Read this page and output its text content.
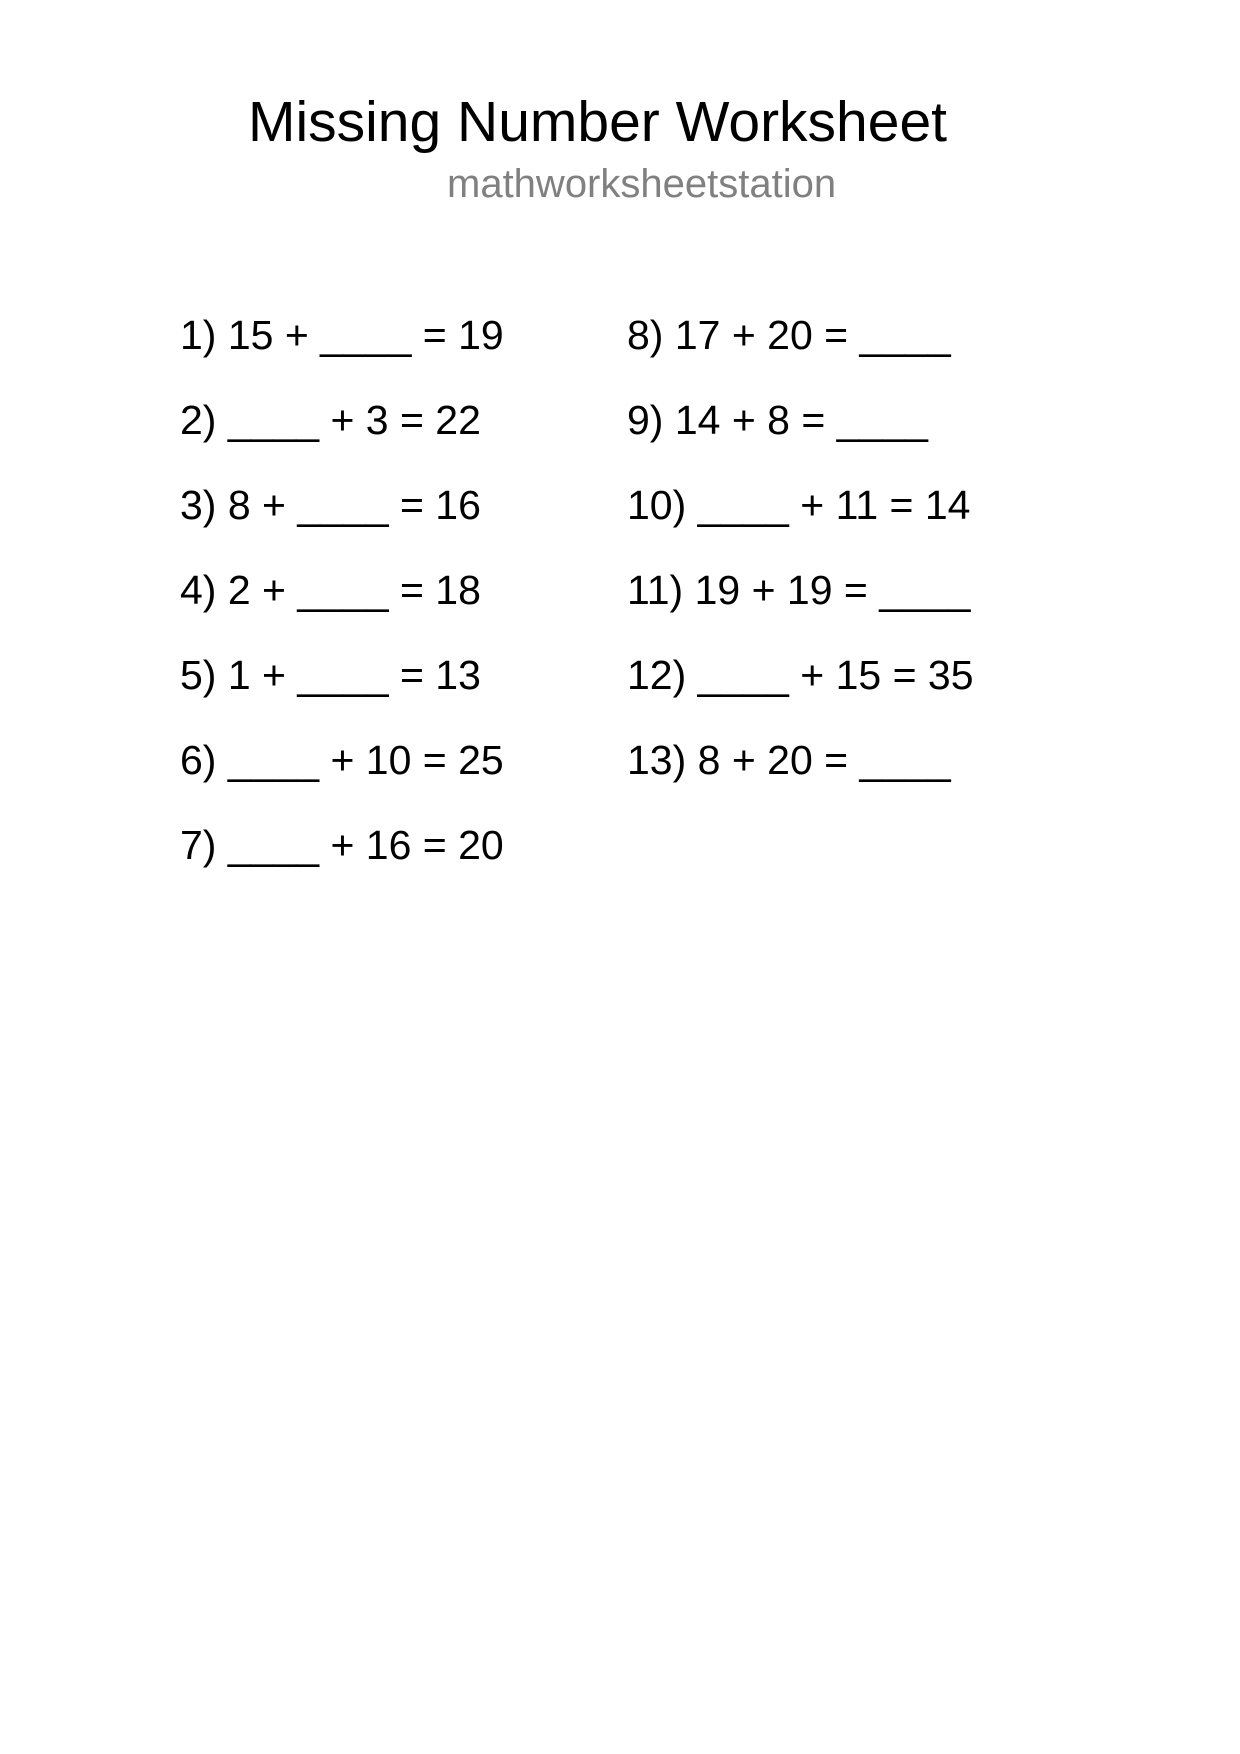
Missing Number Worksheet
mathworksheetstation
1) 15 + ____ = 19
2) ____ + 3 = 22
3) 8 + ____ = 16
4) 2 + ____ = 18
5) 1 + ____ = 13
6) ____ + 10 = 25
7) ____ + 16 = 20
8) 17 + 20 = ____
9) 14 + 8 = ____
10) ____ + 11 = 14
11) 19 + 19 = ____
12) ____ + 15 = 35
13) 8 + 20 = ____
